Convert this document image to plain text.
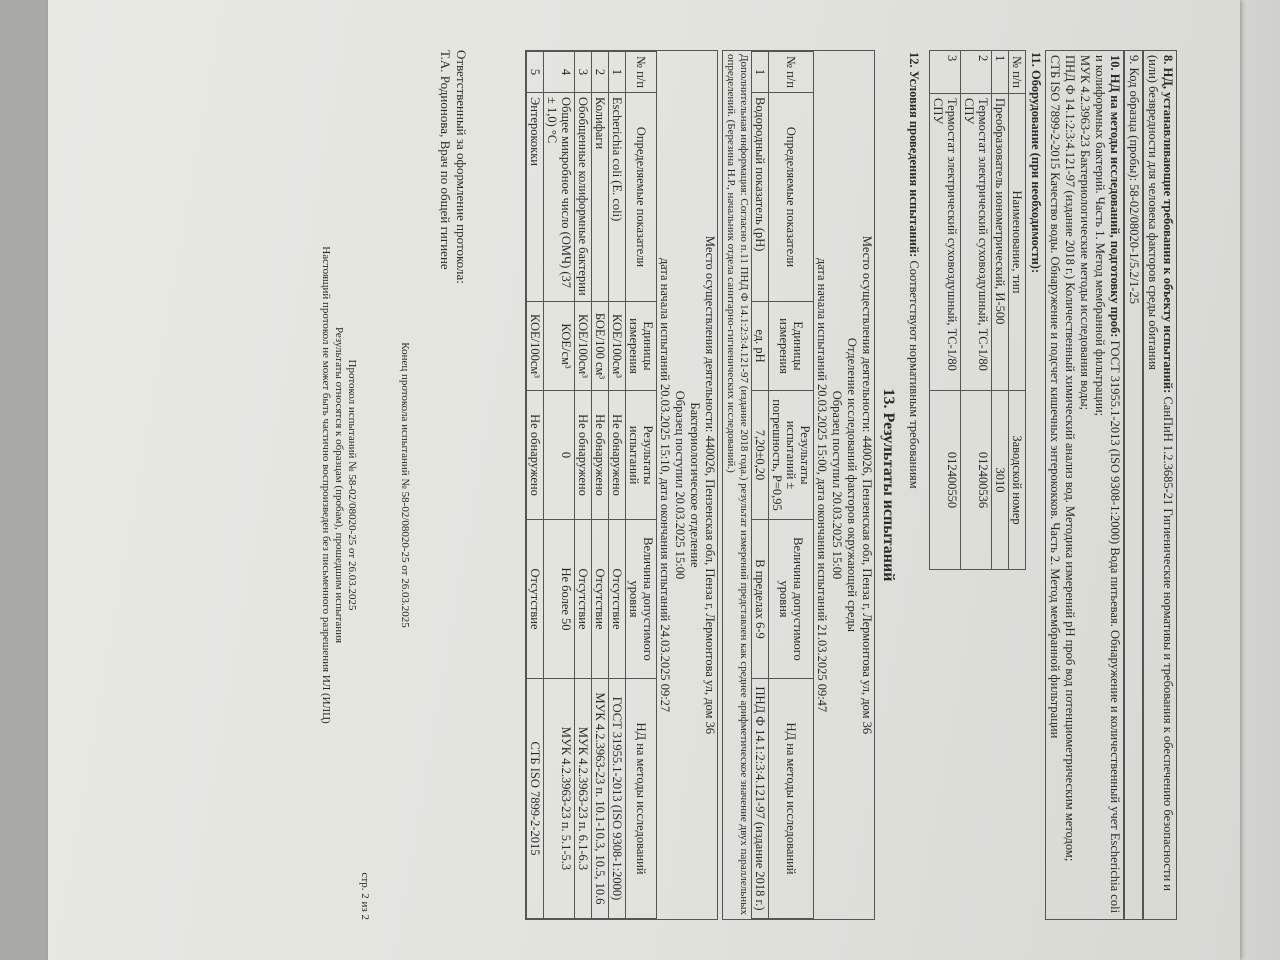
8. НД, устанавливающие требования к объекту испытаний: СанПиН 1.2.3685-21 Гигиенические нормативы и требования к обеспечению безопасности и (или) безвредности для человека факторов среды обитания
9. Код образца (пробы): 58-02/08020-1/5.2/1-25
10. НД на методы исследований, подготовку проб: ГОСТ 31955.1-2013 (ISO 9308-1:2000) Вода питьевая. Обнаружение и количественный учет Escherichia coli и колиформных бактерий. Часть 1. Метод мембранной фильтрации;
МУК 4.2.3963-23 Бактериологические методы исследования воды;
ПНД Ф 14.1:2:3:4.121-97 (издание 2018 г.) Количественный химический анализ вод. Методика измерений pH проб вод потенциометрическим методом;
СТБ ISO 7899-2-2015 Качество воды. Обнаружение и подсчет кишечных энтерококков. Часть 2. Метод мембранной фильтрации
11. Оборудование (при необходимости):
№ п/п	Наименование, тип	Заводской номер
1	Преобразователь ионометрический, И-500	3010
2	Термостат электрический суховоздушный, ТС-1/80 СПУ	012400536
3	Термостат электрический суховоздушный, ТС-1/80 СПУ	012400550
12. Условия проведения испытаний: Соответствуют нормативным требованиям
13. Результаты испытаний
Место осуществления деятельности: 440026, Пензенская обл, Пенза г, Лермонтова ул, дом 36
Отделение исследований факторов окружающей среды
Образец поступил 20.03.2025 15:00
дата начала испытаний 20.03.2025 15:00, дата окончания испытаний 21.03.2025 09:47
№ п/п	Определяемые показатели	Единицы измерения	Результаты испытаний ± погрешность, P=0,95	Величина допустимого уровня	НД на методы исследований
1	Водородный показатель (pH)	ед. pH	7,20±0,20	В пределах 6-9	ПНД Ф 14.1:2:3:4.121-97 (издание 2018 г.)
Дополнительная информация: Согласно п.11 ПНД Ф 14.1:2:3:4.121-97 (издание 2018 года.) результат измерений представлен как среднее арифметическое значение двух параллельных определений. (Березина Н.Р., начальник отдела санитарно-гигиенических исследований.)
Место осуществления деятельности: 440026, Пензенская обл, Пенза г, Лермонтова ул, дом 36
Бактериологическое отделение
Образец поступил 20.03.2025 15:00
дата начала испытаний 20.03.2025 15:10, дата окончания испытаний 24.03.2025 09:27
№ п/п	Определяемые показатели	Единицы измерения	Результаты испытаний	Величина допустимого уровня	НД на методы исследований
1	Escherichia coli (E. coli)	КОЕ/100см³	Не обнаружено	Отсутствие	ГОСТ 31955.1-2013 (ISO 9308-1:2000)
2	Колифаги	БОЕ/100 см³	Не обнаружено	Отсутствие	МУК 4.2.3963-23 п. 10.1-10.3, 10.5, 10.6
3	Обобщенные колиформные бактерии	КОЕ/100см³	Не обнаружено	Отсутствие	МУК 4.2.3963-23 п. 6.1-6.3
4	Общее микробное число (ОМЧ) (37 ± 1,0) °С	КОЕ/см³	0	Не более 50	МУК 4.2.3963-23 п. 5.1-5.3
5	Энтерококки	КОЕ/100см³	Не обнаружено	Отсутствие	СТБ ISO 7899-2-2015
Ответственный за оформление протокола:
Т.А. Родионова, Врач по общей гигиене
Конец протокола испытаний № 58-02/08020-25 от 26.03.2025
стр. 2 из 2
Протокол испытаний № 58-02/08020-25 от 26.03.2025
Результаты относятся к образцам (пробам), прошедшим испытания
Настоящий протокол не может быть частично воспроизведен без письменного разрешения ИЛ (ИЛЦ)
